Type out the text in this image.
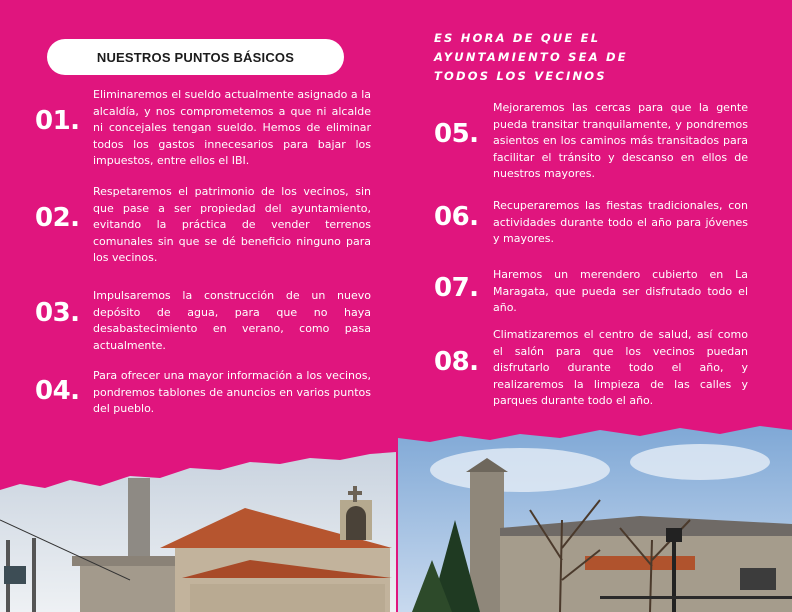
NUESTROS PUNTOS BÁSICOS
ES HORA DE QUE EL
AYUNTAMIENTO SEA DE
TODOS LOS VECINOS
01.
Eliminaremos el sueldo actualmente asignado a la alcaldía, y nos comprometemos a que ni alcalde ni concejales tengan sueldo. Hemos de eliminar todos los gastos innecesarios para bajar los impuestos, entre ellos el IBI.
02.
Respetaremos el patrimonio de los vecinos, sin que pase a ser propiedad del ayuntamiento, evitando la práctica de vender terrenos comunales sin que se dé beneficio ninguno para los vecinos.
03.
Impulsaremos la construcción de un nuevo depósito de agua, para que no haya desabastecimiento en verano, como pasa actualmente.
04.
Para ofrecer una mayor información a los vecinos, pondremos tablones de anuncios en varios puntos del pueblo.
05.
Mejoraremos las cercas para que la gente pueda transitar tranquilamente, y pondremos asientos en los caminos más transitados para facilitar el tránsito y descanso en ellos de nuestros mayores.
06. Recuperaremos las fiestas tradicionales, con actividades durante todo el año para jóvenes y mayores.
07. Haremos un merendero cubierto en La Maragata, que pueda ser disfrutado todo el año.
08.
Climatizaremos el centro de salud, así como el salón para que los vecinos puedan disfrutarlo durante todo el año, y realizaremos la limpieza de las calles y parques durante todo el año.
